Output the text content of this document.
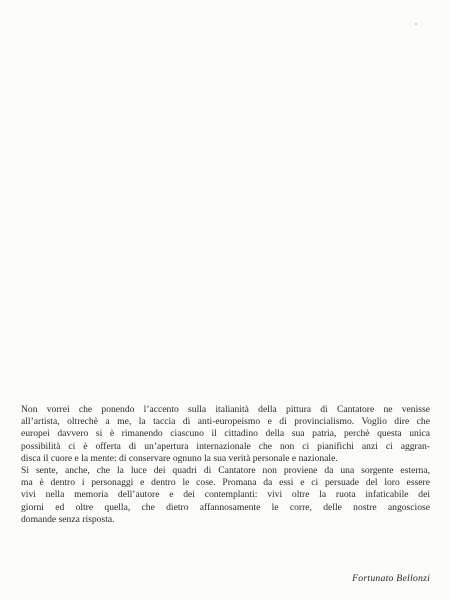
Non vorrei che ponendo l’accento sulla italianità della pittura di Cantatore ne venisse
all’artista, oltrechè a me, la taccia di anti-europeismo e di provincialismo. Voglio dire che
europei davvero si è rimanendo ciascuno il cittadino della sua patria, perchè questa unica
possibilità ci è offerta di un’apertura internazionale che non ci pianifichi anzi ci aggran-
disca il cuore e la mente: di conservare ognuno la sua verità personale e nazionale.

Si sente, anche, che la luce dei quadri di Cantatore non proviene da una sorgente esterna,
ma è dentro i personaggi e dentro le cose. Promana da essi e ci persuade del loro essere
vivi nella memoria dell’autore e dei contemplanti: vivi oltre la ruota infaticabile dei
giorni ed oltre quella, che dietro affannosamente le corre, delle nostre angosciose
domande senza risposta.

Fortunato Bellonzi
